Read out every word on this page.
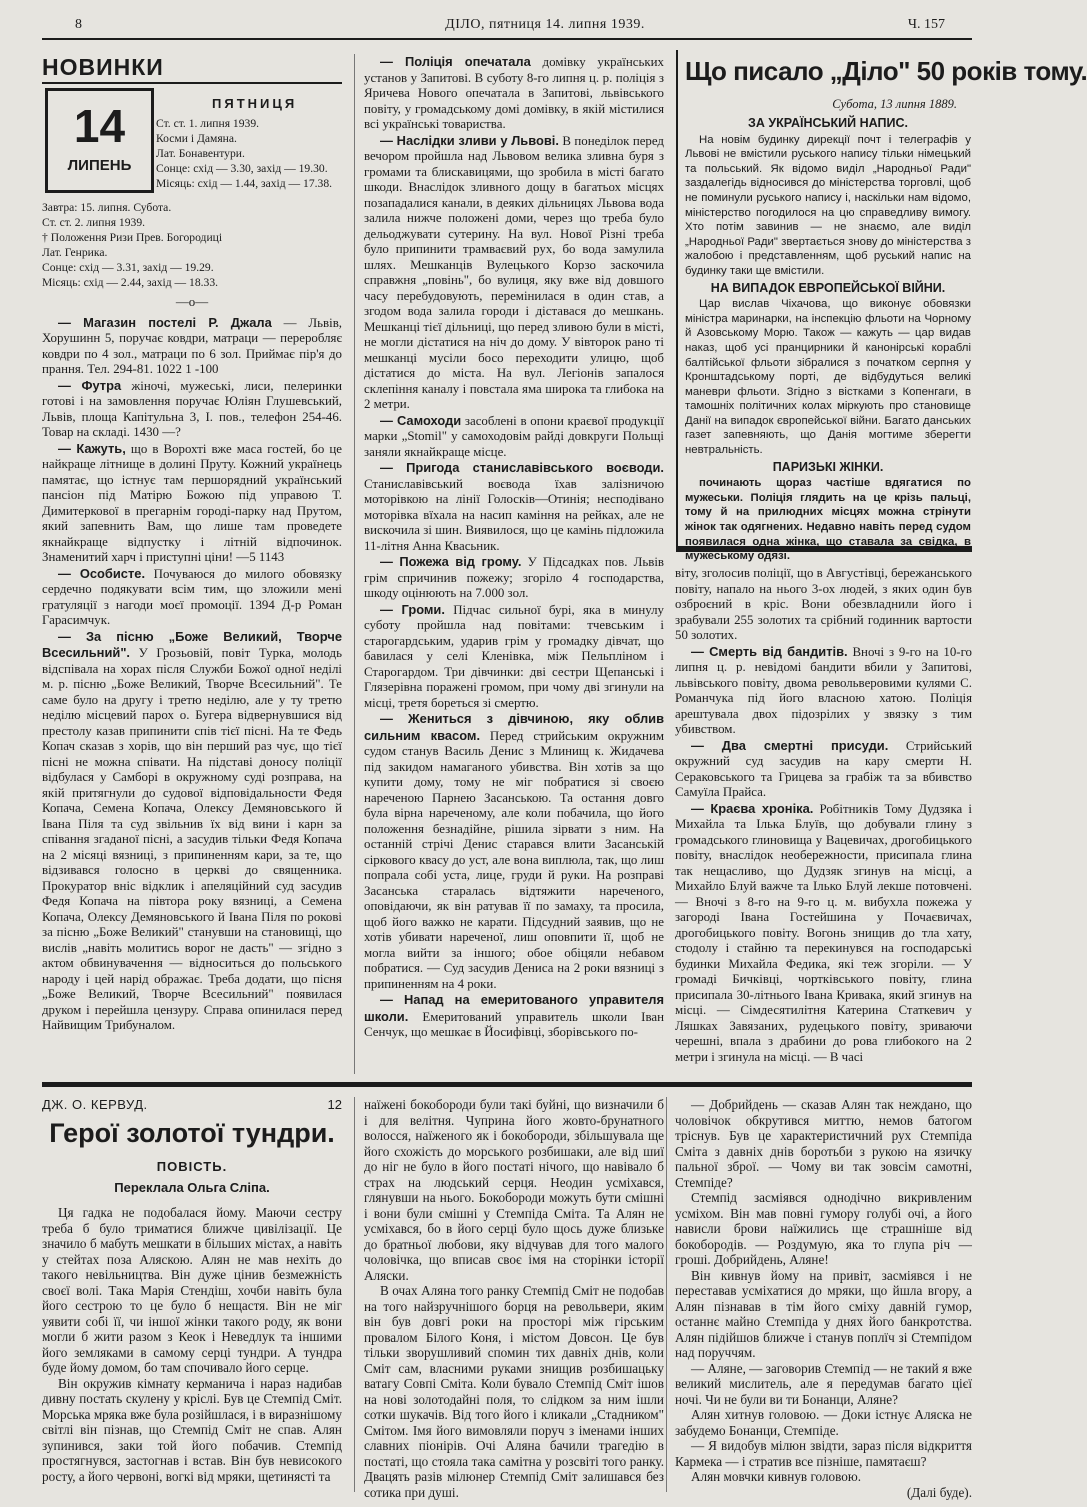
8	ДІЛО, пятниця 14. липня 1939.	Ч. 157
НОВИНКИ
14
ЛИПЕНЬ
ПЯТНИЦЯ
Ст. ст. 1. липня 1939.
Косми і Дамяна.
Лат. Бонавентури.
Сонце: схід — 3.30, захід — 19.30.
Місяць: схід — 1.44, захід — 17.38.
Завтра: 15. липня. Субота.
Ст. ст. 2. липня 1939.
† Положення Ризи Прев. Богородиці
Лат. Генрика.
Сонце: схід — 3.31, захід — 19.29.
Місяць: схід — 2.44, захід — 18.33.
—o—

— Магазин постелі Р. Джала — Львів, Хорушинн 5, поручає ковдри, матраци — переробляє ковдри по 4 зол., матраци по 6 зол. Приймає пір'я до прання. Тел. 294-81. 1022 1 -100

— Футра жіночі, мужеські, лиси, пелеринки готові і на замовлення поручає Юліян Глушевський, Львів, площа Капітульна 3, І. пов., телефон 254-46. Товар на складі. 1430 —?

— Кажуть, що в Ворохті вже маса гостей, бо це найкраще літнище в долині Пруту. Кожний українець памятає, що істнує там першорядний український пансіон під Матірю Божою під управою Т. Димитеркової в прегарнім городі-парку над Прутом, який запевнить Вам, що лише там проведете якнайкраще відпустку і літній відпочинок. Знаменитий харч і приступні ціни! —5 1143

— Особисте. Почуваюся до милого обовязку сердечно подякувати всім тим, що зложили мені гратуляції з нагоди моєї промоції. 1394 Д-р Роман Гарасимчук.

— За пісню „Боже Великий, Творче Всесильний". У Грозьовій, повіт Турка, молодь відспівала на хорах після Служби Божої одної неділі м. р. пісню „Боже Великий, Творче Всесильний". Те саме було на другу і третю неділю, але у ту третю неділю місцевий парох о. Бугера відвернувшися від престолу казав припинити спів тієї пісні. На те Федь Копач сказав з хорів, що він перший раз чує, що тієї пісні не можна співати. На підставі доносу поліції відбулася у Самборі в окружному суді розправа, на якій притягнули до судової відповідальности Федя Копача, Семена Копача, Олексу Демяновського й Івана Піля та суд звільнив їх від вини і карн за співання згаданої пісні, а засудив тільки Федя Копача на 2 місяці вязниці, з припиненням кари, за те, що відзивався голосно в церкві до священника. Прокуратор вніс відклик і апеляційний суд засудив Федя Копача на півтора року вязниці, а Семена Копача, Олексу Демяновського й Івана Піля по рокові за пісню „Боже Великий" станувши на становищі, що вислів „навіть молитись ворог не дасть" — згідно з актом обвинувачення — відноситься до польського народу і цей нарід ображає. Треба додати, що пісня „Боже Великий, Творче Всесильний" появилася друком і перейшла цензуру. Справа опинилася перед Найвищим Трибуналом.

— Поліція опечатала домівку українських установ у Запитові. В суботу 8-го липня ц. р. поліція з Яричева Нового опечатала в Запитові, львівського повіту, у громадському домі домівку, в якій містилися всі українські товариства.

— Наслідки зливи у Львові. В понеділок перед вечором пройшла над Львовом велика зливна буря з громами та блискавицями, що зробила в місті багато шкоди. Внаслідок зливного дощу в багатьох місцях позападалися канали, в деяких дільницях Львова вода залила нижче положені доми, через що треба було дельоджувати сутерину. На вул. Нової Різні треба було припинити трамваєвий рух, бо вода замулила шлях. Мешканців Вулецького Корзо заскочила справжня „повінь", бо вулиця, яку вже від довшого часу перебудовують, перемінилася в один став, а згодом вода залила городи і діставася до мешкань. Мешканці тієї дільниці, що перед зливою були в місті, не могли дістатися на ніч до дому. У вівторок рано ті мешканці мусіли босо переходити улицю, щоб дістатися до міста. На вул. Легіонів запалося склепіння каналу і повстала яма широка та глибока на 2 метри.

— Самоходи засоблені в опони краєвої продукції марки „Stomil" у самоходовім райді довкруги Польщі заняли якнайкраще місце.

— Пригода станиславівського воєводи. Станиславівський воєвода їхав залізничою моторівкою на лінії Голосків—Отинія; несподівано моторівка вїхала на насип каміння на рейках, але не вискочила зі шин. Виявилося, що це камінь підложила 11-літня Анна Квасьник.

— Пожежа від грому. У Підсадках пов. Львів грім спричинив пожежу; згоріло 4 господарства, шкоду оцінюють на 7.000 зол.

— Громи. Підчас сильної бурі, яка в минулу суботу пройшла над повітами: тчевським і старогардським, ударив грім у громадку дівчат, що бавилася у селі Кленівка, між Пельпліном і Старогардом. Три дівчинки: дві сестри Щепанські і Глязерівна поражені громом, при чому дві згинули на місці, третя бореться зі смертю.

— Жениться з дівчиною, яку облив сильним квасом. Перед стрийським окружним судом станув Василь Денис з Млинищ к. Жидачева під закидом намаганого убивства. Він хотів за що купити дому, тому не міг побратися зі своєю нареченою Парнею Засанською. Та остання довго була вірна нареченому, але коли побачила, що його положення безнадійне, рішила зірвати з ним. На останній стрічі Денис старався влити Засанській сіркового квасу до уст, але вона виплюла, так, що лиш попрала собі уста, лице, груди й руки. На розправі Засанська старалась відтяжити нареченого, оповідаючи, як він ратував її по замаху, та просила, щоб його важко не карати. Підсудний заявив, що не хотів убивати нареченої, лиш оповпити її, щоб не могла вийти за іншого; обое обіцяли небавом побратися. — Суд засудив Дениса на 2 роки вязниці з припиненням на 4 роки.

— Напад на емеритованого управителя школи. Емеритований управитель школи Іван Сенчук, що мешкає в Йосифівці, зборівського по-

Що писало „Діло" 50 років тому.
Субота, 13 липня 1889.
ЗА УКРАЇНСЬКИЙ НАПИС.

На новім будинку дирекції почт і телеграфів у Львові не вмістили руського напису тільки німецький та польський. Як відомо виділ „Народньої Ради" заздалегідь відносився до міністерства торговлі, щоб не поминули руського напису і, наскільки нам відомо, міністерство погодилося на цю справедливу вимогу. Хто потім завинив — не знаємо, але виділ „Народньої Ради" звертається знову до міністерства з жалобою і представленням, щоб руський напис на будинку таки ще вмістили.

НА ВИПАДОК ЕВРОПЕЙСЬКОЇ ВІЙНИ.

Цар вислав Чіхачова, що виконує обовязки міністра маринарки, на інспекцію фльоти на Чорному й Азовському Морю. Також — кажуть — цар видав наказ, щоб усі пранцирники й канонірські кораблі балтійської фльоти зібралися з початком серпня у Кронштадському порті, де відбудуться великі маневри фльоти. Згідно з вістками з Копенгаги, в тамошніх політичних колах міркують про становище Данії на випадок європейської війни. Багато данських газет запевняють, що Данія могтиме зберегти невтральність.

ПАРИЗЬКІ ЖІНКИ.

починають щораз частіше вдягатися по мужеськи. Поліція глядить на це крізь пальці, тому й на прилюдних місцях можна стрінути жінок так одягнених. Недавно навіть перед судом появилася одна жінка, що ставала за свідка, в мужеському одязі.

віту, зголосив поліції, що в Августівці, бережанського повіту, напало на нього 3-ох людей, з яких один був озброєний в кріс. Вони обезвладнили його і зрабували 255 золотих та срібний годинник вартости 50 золотих.

— Смерть від бандитів. Вночі з 9-го на 10-го липня ц. р. невідомі бандити вбили у Запитові, львівського повіту, двома револьверовими кулями С. Романчука під його власною хатою. Поліція арештувала двох підозрілих у звязку з тим убивством.

— Два смертні присуди. Стрийський окружний суд засудив на кару смерти Н. Сераковського та Грицева за грабіж та за вбивство Самуїла Прайса.

— Краєва хроніка. Робітників Тому Дудзяка і Михайла та Ілька Блуїв, що добували глину з громадського глиновища у Вацевичах, дрогобицького повіту, внаслідок необережности, присипала глина так нещасливо, що Дудзяк згинув на місці, а Михайло Блуй важче та Ілько Блуй лекше потовчені. — Вночі з 8-го на 9-го ц. м. вибухла пожежа у загороді Івана Гостейшина у Почаєвичах, дрогобицького повіту. Вогонь знищив до тла хату, стодолу і стайню та перекинувся на господарські будинки Михайла Федика, які теж згоріли. — У громаді Бичківці, чортківського повіту, глина присипала 30-літнього Івана Кривака, який згинув на місці. — Сімдесятилітня Катерина Статкевич у Ляшках Завязаних, рудецького повіту, зриваючи черешні, впала з драбини до рова глибокого на 2 метри і згинула на місці. — В часі

ДЖ. О. КЕРВУД.	12
Герої золотої тундри.
ПОВІСТЬ.
Переклала Ольга Сліпа.

Ця гадка не подобалася йому. Маючи сестру треба б було триматися ближче цивілізації. Це значило б мабуть мешкати в більших містах, а навіть у стейтах поза Аляскою. Алян не мав нехіть до такого невільництва. Він дуже цінив безмежність своєї волі. Така Марія Стендіш, хочби навіть була його сестрою то це було б нещастя. Він не міг уявити собі її, чи іншої жінки такого роду, як вони могли б жити разом з Кеок і Неведлук та іншими його земляками в самому серці тундри. А тундра буде йому домом, бо там спочивало його серце.

Він окружив кімнату керманича і нараз надибав дивну постать скулену у кріслі. Був це Стемпід Сміт. Морська мряка вже була розійшлася, і в виразнішому світлі він пізнав, що Стемпід Сміт не спав. Алян зупинився, заки той його побачив. Стемпід простягнувся, застогнав і встав. Він був невисокого росту, а його червоні, вогкі від мряки, щетинястi та

наїжені бокобороди були такі буйні, що визначили б і для велітня. Чуприна його жовто-брунатного волосся, наїженого як і бокобороди, збільшувала ще його схожість до морського розбишаки, але від шиї до ніг не було в його постаті нічого, що навівало б страх на людський серця. Неодин усміхався, глянувши на нього. Бокобороди можуть бути смішні і вони були смішні у Стемпіда Сміта. Та Алян не усміхався, бо в його серці було щось дуже близьке до братньої любови, яку відчував для того малого чоловічка, що вписав своє імя на сторінки історії Аляски.

В очах Аляна того ранку Стемпід Сміт не подобав на того найзручнішого борця на револьвери, яким він був довгі роки на просторі між гірським провалом Білого Коня, і містом Довсон. Це був тільки зворушливий спомин тих давніх днів, коли Сміт сам, власними руками знищив розбишацьку ватагу Совпі Сміта. Коли бувало Стемпід Сміт ішов на нові золотодайні поля, то слідком за ним ішли сотки шукачів. Від того його і кликали „Стадником" Смітом. Імя його вимовляли поруч з іменами інших славних піонірів. Очі Аляна бачили трагедію в постаті, що стояла така самітна у розсвіті того ранку. Двацять разів мілюнер Стемпід Сміт залишався без сотика при душі.

— Добрийдень — сказав Алян так нежданo, що чоловічок обкрутився миттю, немов батогом тріснув. Був це характеристичний рух Стемпіда Сміта з давніх днів боротьби з рукою на язичку пальної зброї. — Чому ви так зовсім самотні, Стемпіде?

Стемпід засміявся однодічно викривленим усміхом. Він мав повні гумору голубі очі, а його нависли брови наїжились ще страшніше від бокобородів. — Роздумую, яка то глупа річ — гроші. Добрийдень, Аляне!

Він кивнув йому на привіт, засміявся і не переставав усміхатися до мряки, що йшла вгору, а Алян пізнавав в тім його сміху давній гумор, останнє майно Стемпіда у днях його банкротства. Алян підійшов ближче і станув поплїч зі Стемпідом над поруччям.

— Аляне, — заговорив Стемпід — не такий я вже великий мислитель, але я передумав багато цієї ночі. Чи не були ви ти Бонанци, Аляне?

Алян хитнув головою. — Доки істнує Аляска не забудемо Бонанци, Стемпіде.

— Я видобув мілюн звідти, зараз після відкриття Кармека — і стратив все пізніше, памятаєш?

Алян мовчки кивнув головою.

(Далі буде).
